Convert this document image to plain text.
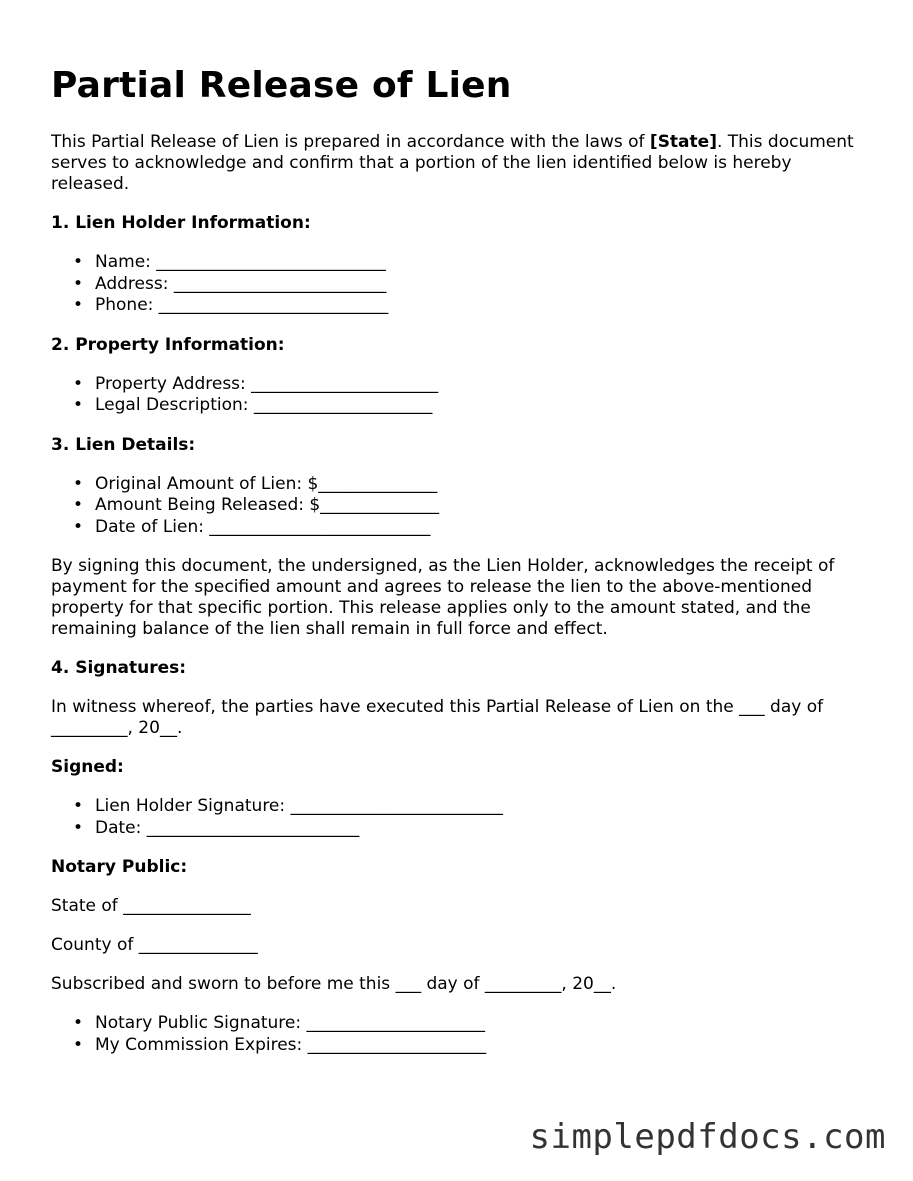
Partial Release of Lien

This Partial Release of Lien is prepared in accordance with the laws of [State]. This document serves to acknowledge and confirm that a portion of the lien identified below is hereby released.

1. Lien Holder Information:

• Name: ___________________________
• Address: _________________________
• Phone: ___________________________

2. Property Information:

• Property Address: ______________________
• Legal Description: _____________________

3. Lien Details:

• Original Amount of Lien: $______________
• Amount Being Released: $______________
• Date of Lien: __________________________

By signing this document, the undersigned, as the Lien Holder, acknowledges the receipt of payment for the specified amount and agrees to release the lien to the above-mentioned property for that specific portion. This release applies only to the amount stated, and the remaining balance of the lien shall remain in full force and effect.

4. Signatures:

In witness whereof, the parties have executed this Partial Release of Lien on the ___ day of _________, 20__.

Signed:

• Lien Holder Signature: _________________________
• Date: _________________________

Notary Public:

State of _______________

County of ______________

Subscribed and sworn to before me this ___ day of _________, 20__.

• Notary Public Signature: _____________________
• My Commission Expires: _____________________
simplepdfdocs.com
